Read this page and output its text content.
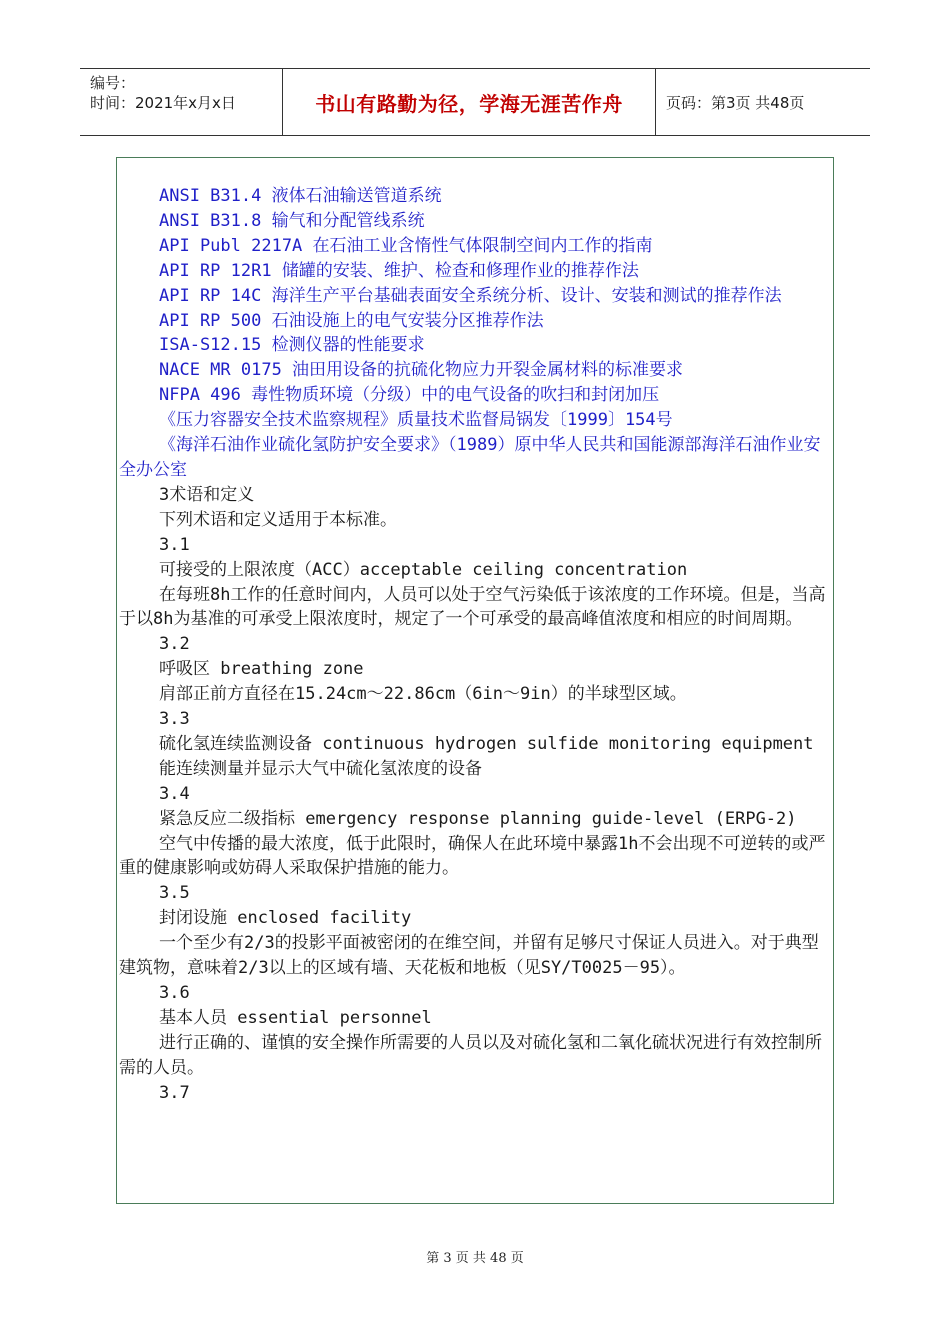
编号：
时间：2021年x月x日	书山有路勤为径，学海无涯苦作舟	页码：第3页 共48页

ANSI B31.4 液体石油输送管道系统

ANSI B31.8 输气和分配管线系统

API Publ 2217A 在石油工业含惰性气体限制空间内工作的指南

API RP 12R1 储罐的安装、维护、检查和修理作业的推荐作法

API RP 14C 海洋生产平台基础表面安全系统分析、设计、安装和测试的推荐作法

API RP 500 石油设施上的电气安装分区推荐作法

ISA-S12.15 检测仪器的性能要求

NACE MR 0175 油田用设备的抗硫化物应力开裂金属材料的标准要求

NFPA 496 毒性物质环境（分级）中的电气设备的吹扫和封闭加压

《压力容器安全技术监察规程》质量技术监督局锅发〔1999〕154号

《海洋石油作业硫化氢防护安全要求》（1989）原中华人民共和国能源部海洋石油作业安全办公室

3术语和定义

下列术语和定义适用于本标准。

3.1

可接受的上限浓度（ACC）acceptable ceiling concentration

在每班8h工作的任意时间内，人员可以处于空气污染低于该浓度的工作环境。但是，当高于以8h为基准的可承受上限浓度时，规定了一个可承受的最高峰值浓度和相应的时间周期。

3.2

呼吸区 breathing zone

肩部正前方直径在15.24cm～22.86cm（6in～9in）的半球型区域。

3.3

硫化氢连续监测设备 continuous hydrogen sulfide monitoring equipment

能连续测量并显示大气中硫化氢浓度的设备

3.4

紧急反应二级指标 emergency response planning guide-level (ERPG-2)

空气中传播的最大浓度，低于此限时，确保人在此环境中暴露1h不会出现不可逆转的或严重的健康影响或妨碍人采取保护措施的能力。

3.5

封闭设施 enclosed facility

一个至少有2/3的投影平面被密闭的在维空间，并留有足够尺寸保证人员进入。对于典型建筑物，意味着2/3以上的区域有墙、天花板和地板（见SY/T0025－95）。

3.6

基本人员 essential personnel

进行正确的、谨慎的安全操作所需要的人员以及对硫化氢和二氧化硫状况进行有效控制所需的人员。

3.7

第 3 页 共 48 页
